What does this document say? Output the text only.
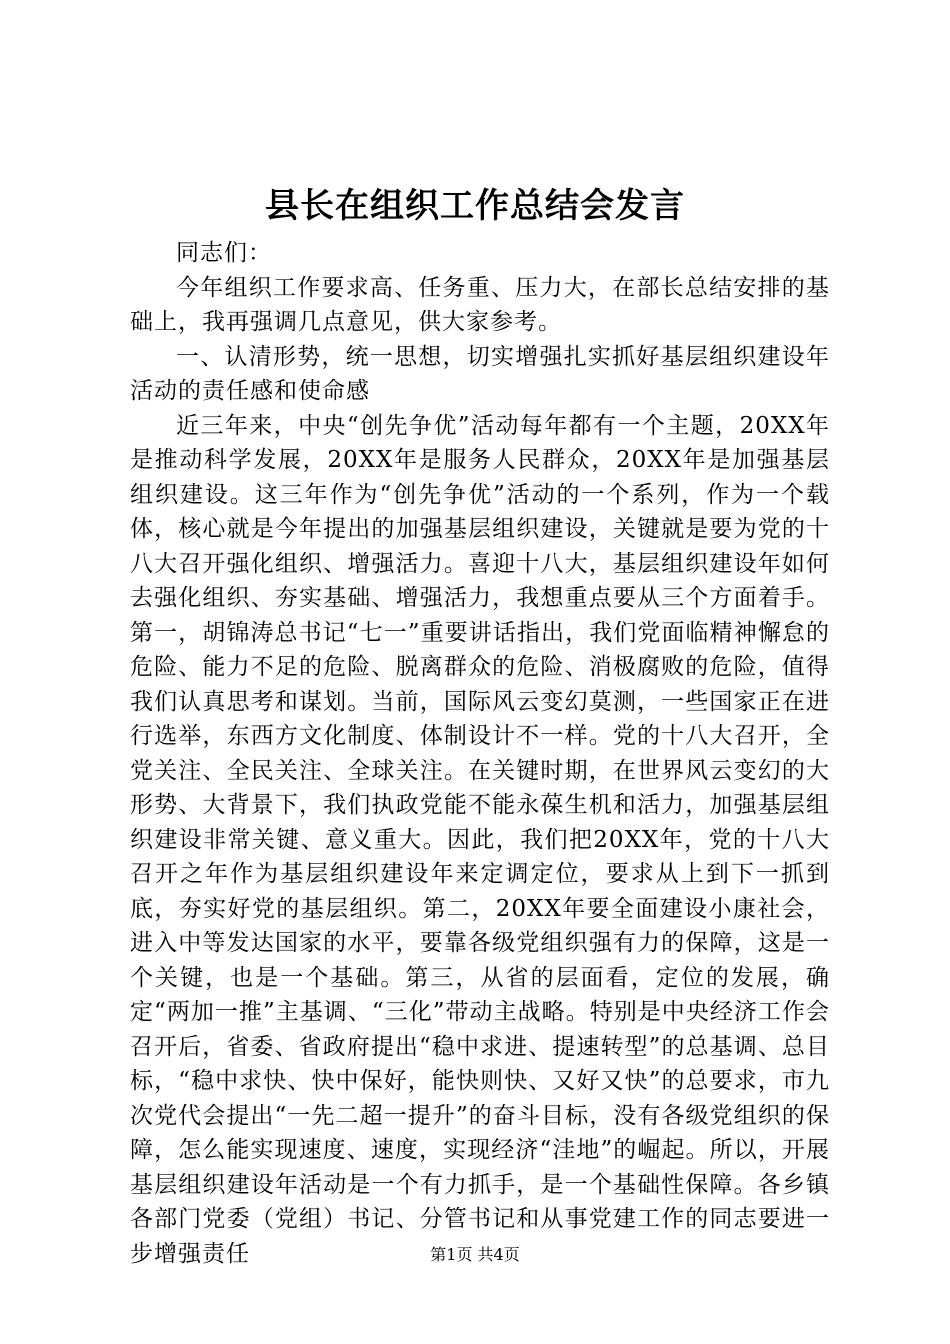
县长在组织工作总结会发言

同志们：

今年组织工作要求高、任务重、压力大，在部长总结安排的基础上，我再强调几点意见，供大家参考。

一、认清形势，统一思想，切实增强扎实抓好基层组织建设年活动的责任感和使命感

近三年来，中央“创先争优”活动每年都有一个主题，20XX年是推动科学发展，20XX年是服务人民群众，20XX年是加强基层组织建设。这三年作为“创先争优”活动的一个系列，作为一个载体，核心就是今年提出的加强基层组织建设，关键就是要为党的十八大召开强化组织、增强活力。喜迎十八大，基层组织建设年如何去强化组织、夯实基础、增强活力，我想重点要从三个方面着手。第一，胡锦涛总书记“七一”重要讲话指出，我们党面临精神懈怠的危险、能力不足的危险、脱离群众的危险、消极腐败的危险，值得我们认真思考和谋划。当前，国际风云变幻莫测，一些国家正在进行选举，东西方文化制度、体制设计不一样。党的十八大召开，全党关注、全民关注、全球关注。在关键时期，在世界风云变幻的大形势、大背景下，我们执政党能不能永葆生机和活力，加强基层组织建设非常关键、意义重大。因此，我们把20XX年，党的十八大召开之年作为基层组织建设年来定调定位，要求从上到下一抓到底，夯实好党的基层组织。第二，20XX年要全面建设小康社会，进入中等发达国家的水平，要靠各级党组织强有力的保障，这是一个关键，也是一个基础。第三，从省的层面看，定位的发展，确定“两加一推”主基调、“三化”带动主战略。特别是中央经济工作会召开后，省委、省政府提出“稳中求进、提速转型”的总基调、总目标，“稳中求快、快中保好，能快则快、又好又快”的总要求，市九次党代会提出“一先二超一提升”的奋斗目标，没有各级党组织的保障，怎么能实现速度、速度，实现经济“洼地”的崛起。所以，开展基层组织建设年活动是一个有力抓手，是一个基础性保障。各乡镇各部门党委（党组）书记、分管书记和从事党建工作的同志要进一步增强责任	第1页 共4页
